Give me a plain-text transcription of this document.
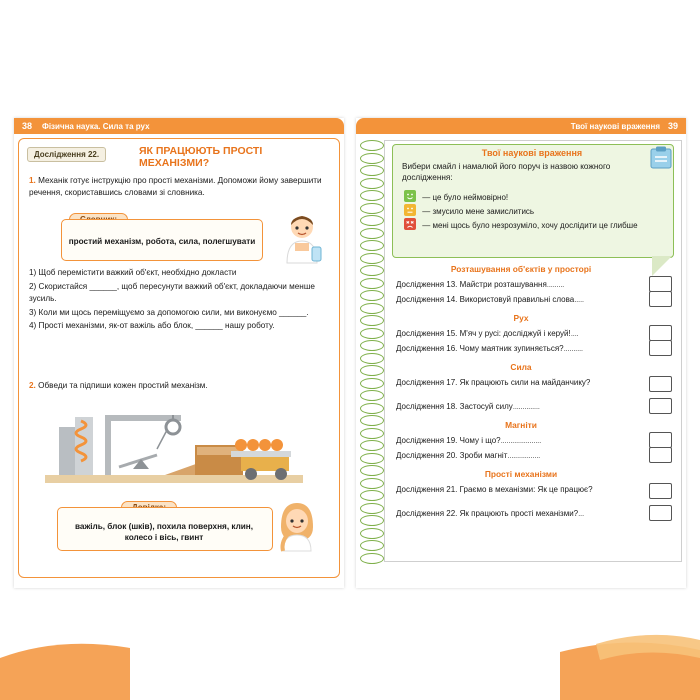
38 Фізична наука. Сила та рух
Дослідження 22.	ЯК ПРАЦЮЮТЬ ПРОСТІ МЕХАНІЗМИ?
1. Механік готує інструкцію про прості механізми. Допоможи йому завершити речення, скориставшись словами зі словника.
простий механізм, робота, сила, полегшувати
1) Щоб перемістити важкий об'єкт, необхідно докласти
2) Скористайся ______, щоб пересунути важкий об'єкт, докладаючи менше зусиль.
3) Коли ми щось переміщуємо за допомогою сили, ми виконуємо ______.
4) Прості механізми, як-от важіль або блок, ______ нашу роботу.
2. Обведи та підпиши кожен простий механізм.
важіль, блок (шків), похила поверхня, клин, колесо і вісь, гвинт
Твої наукові враження 39
Твої наукові враження
Вибери смайл і намалюй його поруч із назвою кожного дослідження:
— це було неймовірно!
— змусило мене замислитись
— мені щось було незрозуміло, хочу дослідити це глибше
Розташування об'єктів у просторі
Дослідження 13. Майстри розташування.........
Дослідження 14. Використовуй правильні слова.....
Рух
Дослідження 15. М'яч у русі: досліджуй і керуй!....
Дослідження 16. Чому маятник зупиняється?..........
Сила
Дослідження 17. Як працюють сили на майданчику?
Дослідження 18. Застосуй силу..............
Магніти
Дослідження 19. Чому і що?.....................
Дослідження 20. Зроби магніт.................
Прості механізми
Дослідження 21. Граємо в механізми: Як це працює?
Дослідження 22. Як працюють прості механізми?...
